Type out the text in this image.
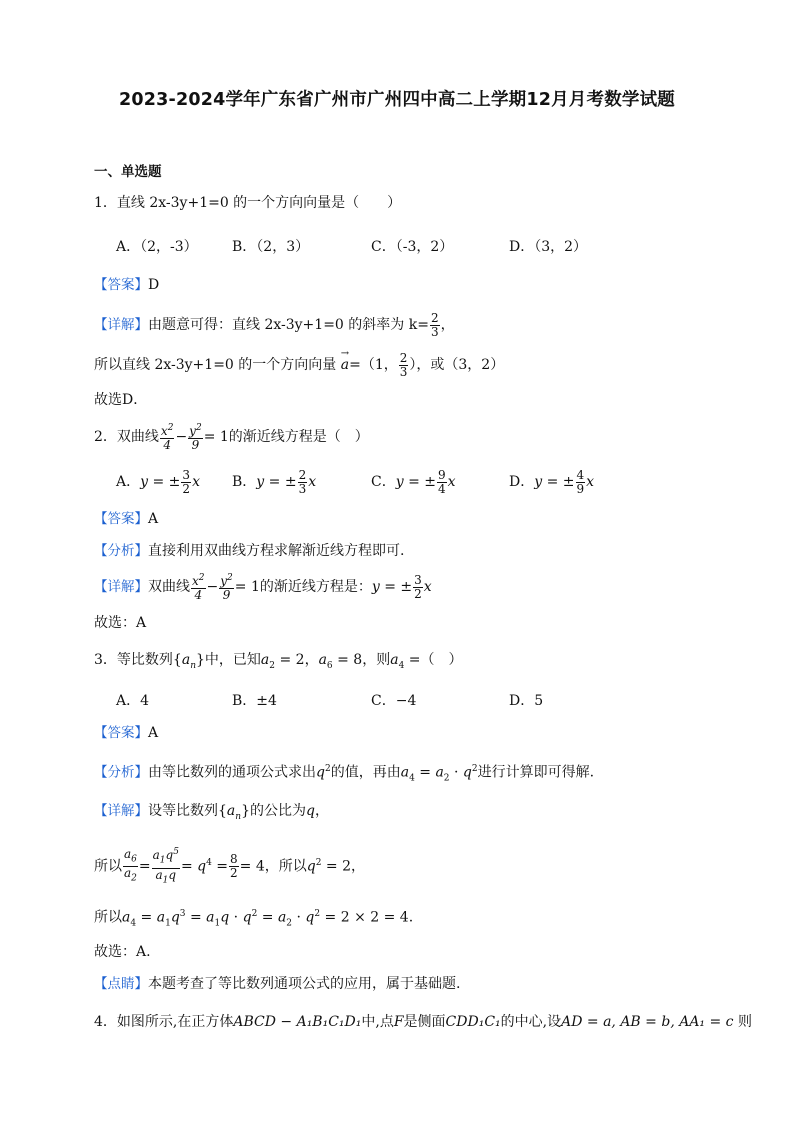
2023-2024学年广东省广州市广州四中高二上学期12月月考数学试题
一、单选题
1．直线 2x-3y+1=0 的一个方向向量是（　　）
A．（2，-3） B．（2，3）	C．（-3，2）	D．（3，2）
【答案】D
【详解】由题意可得：直线 2x-3y+1=0 的斜率为 $k= \frac{2}{3}$ ，
所以直线 2x-3y+1=0 的一个方向向量 → a=（1， $\frac{2}{3}$ ），或（3，2）
故选D．
2．双曲线 $\frac{x^2}{4} - \frac{y^2}{9} = 1$的渐近线方程是（　）
A．y = ± $\frac{3}{2}$ x B．y = ± $\frac{2}{3}$ x	C．y = ± $\frac{9}{4}$ x	D．y = ± $\frac{4}{9}$ x
【答案】A
【分析】直接利用双曲线方程求解渐近线方程即可.
【详解】双曲线 $\frac{x^2}{4} - \frac{y^2}{9} = 1$的渐近线方程是：y = ± $\frac{3}{2}$ x
故选：A
3．等比数列$\{a_n\}$中，已知$a_2 = 2$，$a_6 = 8$，则$a_4$ =（　）
A．4	B．±4	C．−4	D．5
【答案】A
【分析】由等比数列的通项公式求出$q^2$的值，再由$a_4 = a_2 \cdot q^2$进行计算即可得解.
【详解】设等比数列$\{a_n\}$的公比为q，
所以 $\frac{a_6}{a_2} = \frac{a_1q^5}{a_1q} = q^4 = \frac{8}{2} = 4$，所以$q^2 = 2$，
所以$a_4 = a_1q^3 = a_1q \cdot q^2 = a_2 \cdot q^2 = 2 \times 2 = 4$.
故选：A.
【点睛】本题考查了等比数列通项公式的应用，属于基础题.
4．如图所示,在正方体ABCD − A₁B₁C₁D₁中,点F是侧面CDD₁C₁的中心,设AD = a, AB = b, AA₁ = c 则
